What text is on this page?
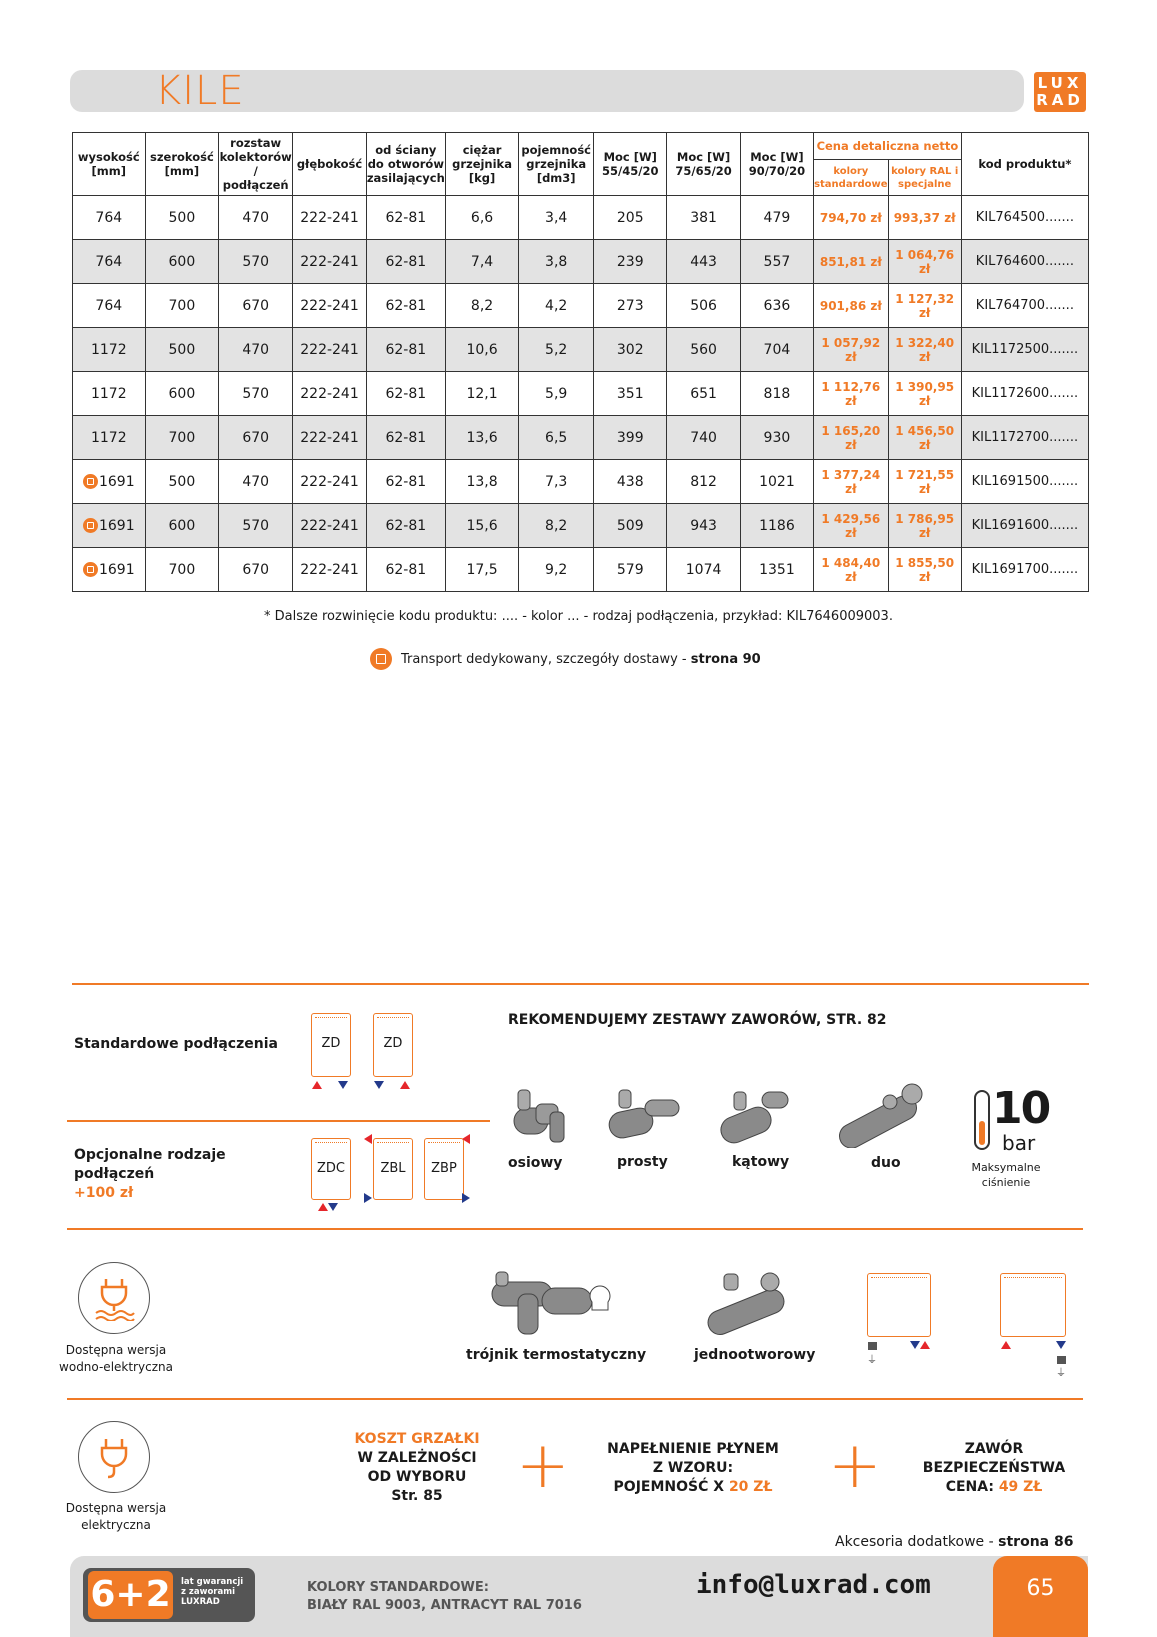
KILE	LUX
RAD
wysokość [mm]	szerokość [mm]	rozstaw kolektorów / podłączeń	głębokość	od ściany do otworów zasilających	ciężar grzejnika [kg]	pojemność grzejnika [dm3]	Moc [W] 55/45/20	Moc [W] 75/65/20	Moc [W] 90/70/20	Cena detaliczna netto		kod produktu*
										kolory standardowe	kolory RAL i specjalne	
764	500	470	222-241	62-81	6,6	3,4	205	381	479	794,70 zł	993,37 zł	KIL764500.......
764	600	570	222-241	62-81	7,4	3,8	239	443	557	851,81 zł	1 064,76 zł	KIL764600.......
764	700	670	222-241	62-81	8,2	4,2	273	506	636	901,86 zł	1 127,32 zł	KIL764700.......
1172	500	470	222-241	62-81	10,6	5,2	302	560	704	1 057,92 zł	1 322,40 zł	KIL1172500.......
1172	600	570	222-241	62-81	12,1	5,9	351	651	818	1 112,76 zł	1 390,95 zł	KIL1172600.......
1172	700	670	222-241	62-81	13,6	6,5	399	740	930	1 165,20 zł	1 456,50 zł	KIL1172700.......
1691	500	470	222-241	62-81	13,8	7,3	438	812	1021	1 377,24 zł	1 721,55 zł	KIL1691500.......
1691	600	570	222-241	62-81	15,6	8,2	509	943	1186	1 429,56 zł	1 786,95 zł	KIL1691600.......
1691	700	670	222-241	62-81	17,5	9,2	579	1074	1351	1 484,40 zł	1 855,50 zł	KIL1691700.......
* Dalsze rozwinięcie kodu produktu: .... - kolor ... - rodzaj podłączenia, przykład: KIL7646009003.
Transport dedykowany, szczegóły dostawy - strona 90
Standardowe podłączenia	ZD	ZD
Opcjonalne rodzaje
podłączeń
+100 zł
ZDC	ZBL	ZBP
REKOMENDUJEMY ZESTAWY ZAWORÓW, STR. 82
osiowy	prosty	kątowy	duo
10
bar
Maksymalne
ciśnienie
Dostępna wersja
wodno-elektryczna
trójnik termostatyczny	jednootworowy	⏚
⏚
Dostępna wersja
elektryczna
KOSZT GRZAŁKI
W ZALEŻNOŚCI
OD WYBORU
Str. 85	+	NAPEŁNIENIE PŁYNEM
Z WZORU:
POJEMNOŚĆ X 20 ZŁ +	ZAWÓR
BEZPIECZEŃSTWA
CENA: 49 ZŁ
Akcesoria dodatkowe - strona 86
6+2 lat gwarancji
z zaworami
LUXRAD
KOLORY STANDARDOWE:
BIAŁY RAL 9003, ANTRACYT RAL 7016
info@luxrad.com	65
